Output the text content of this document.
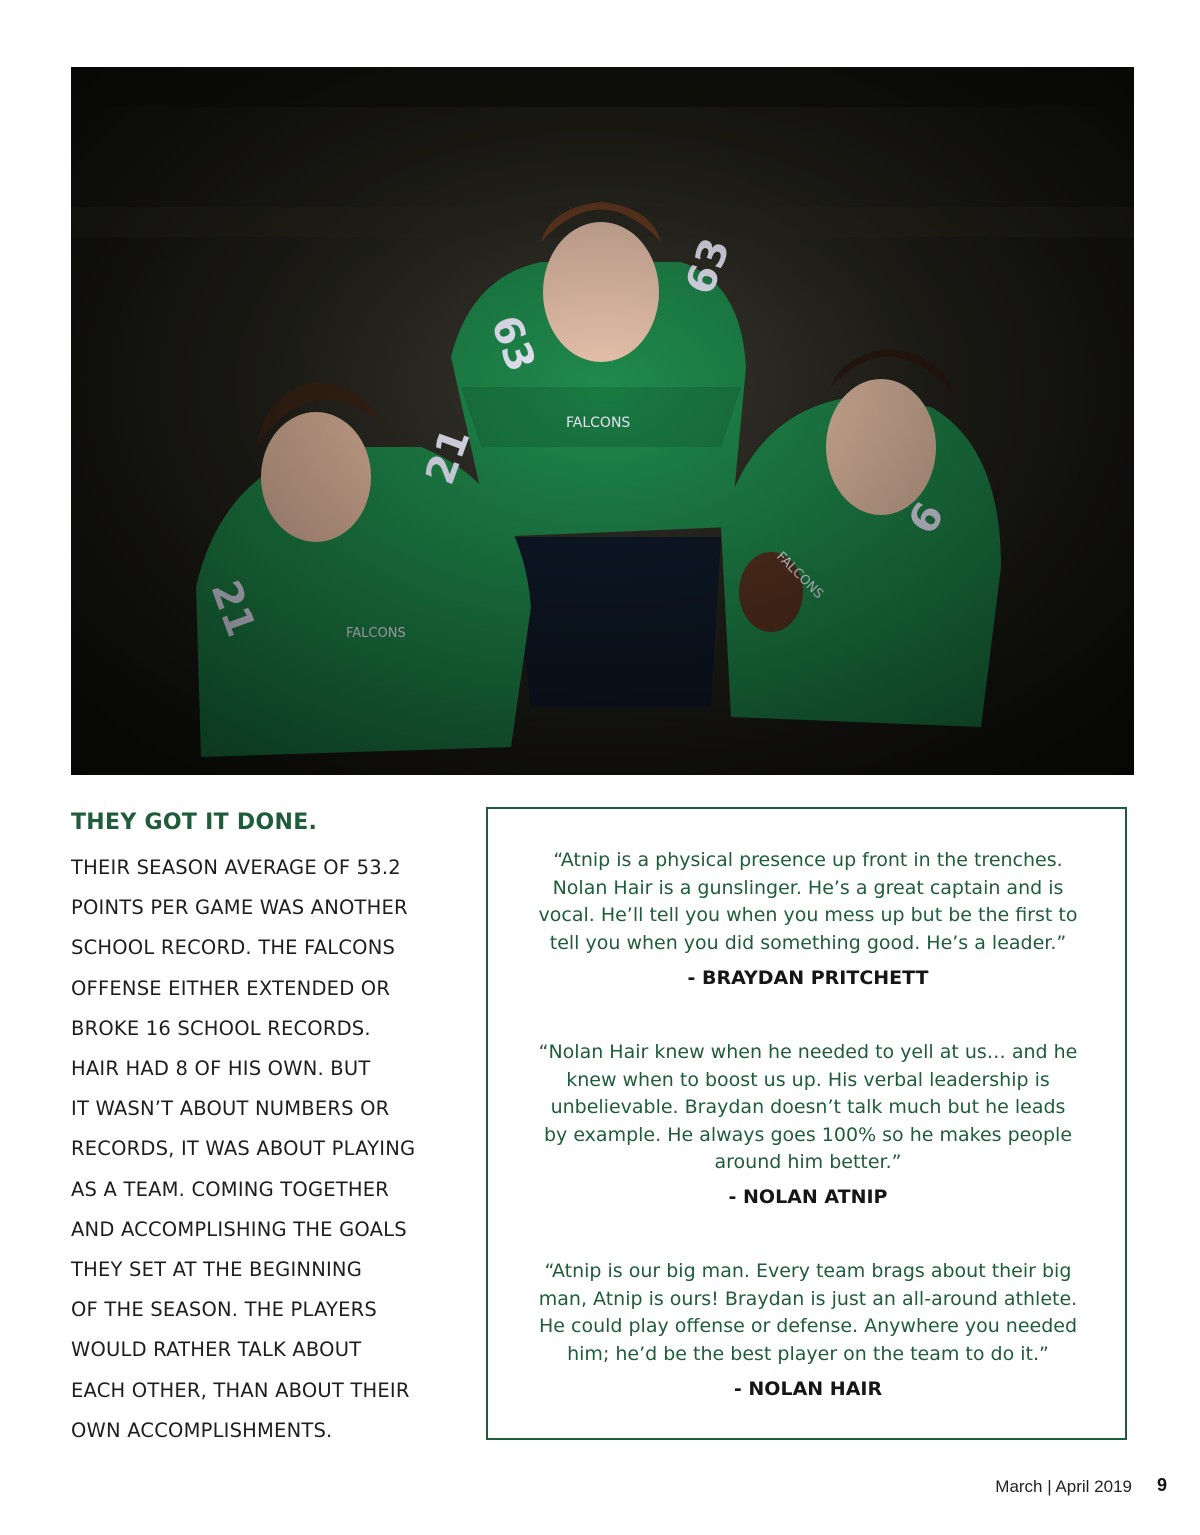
THEY GOT IT DONE.

THEIR SEASON AVERAGE OF 53.2
POINTS PER GAME WAS ANOTHER
SCHOOL RECORD. THE FALCONS
OFFENSE EITHER EXTENDED OR
BROKE 16 SCHOOL RECORDS.
HAIR HAD 8 OF HIS OWN. BUT
IT WASN’T ABOUT NUMBERS OR
RECORDS, IT WAS ABOUT PLAYING
AS A TEAM. COMING TOGETHER
AND ACCOMPLISHING THE GOALS
THEY SET AT THE BEGINNING
OF THE SEASON. THE PLAYERS
WOULD RATHER TALK ABOUT
EACH OTHER, THAN ABOUT THEIR
OWN ACCOMPLISHMENTS.

“Atnip is a physical presence up front in the trenches.
Nolan Hair is a gunslinger. He’s a great captain and is
vocal. He’ll tell you when you mess up but be the first to
tell you when you did something good. He’s a leader.”

- BRAYDAN PRITCHETT

“Nolan Hair knew when he needed to yell at us… and he
knew when to boost us up. His verbal leadership is
unbelievable. Braydan doesn’t talk much but he leads
by example. He always goes 100% so he makes people
around him better.”

- NOLAN ATNIP

“Atnip is our big man. Every team brags about their big
man, Atnip is ours! Braydan is just an all-around athlete.
He could play offense or defense. Anywhere you needed
him; he’d be the best player on the team to do it.”

- NOLAN HAIR

March | April 2019 9
